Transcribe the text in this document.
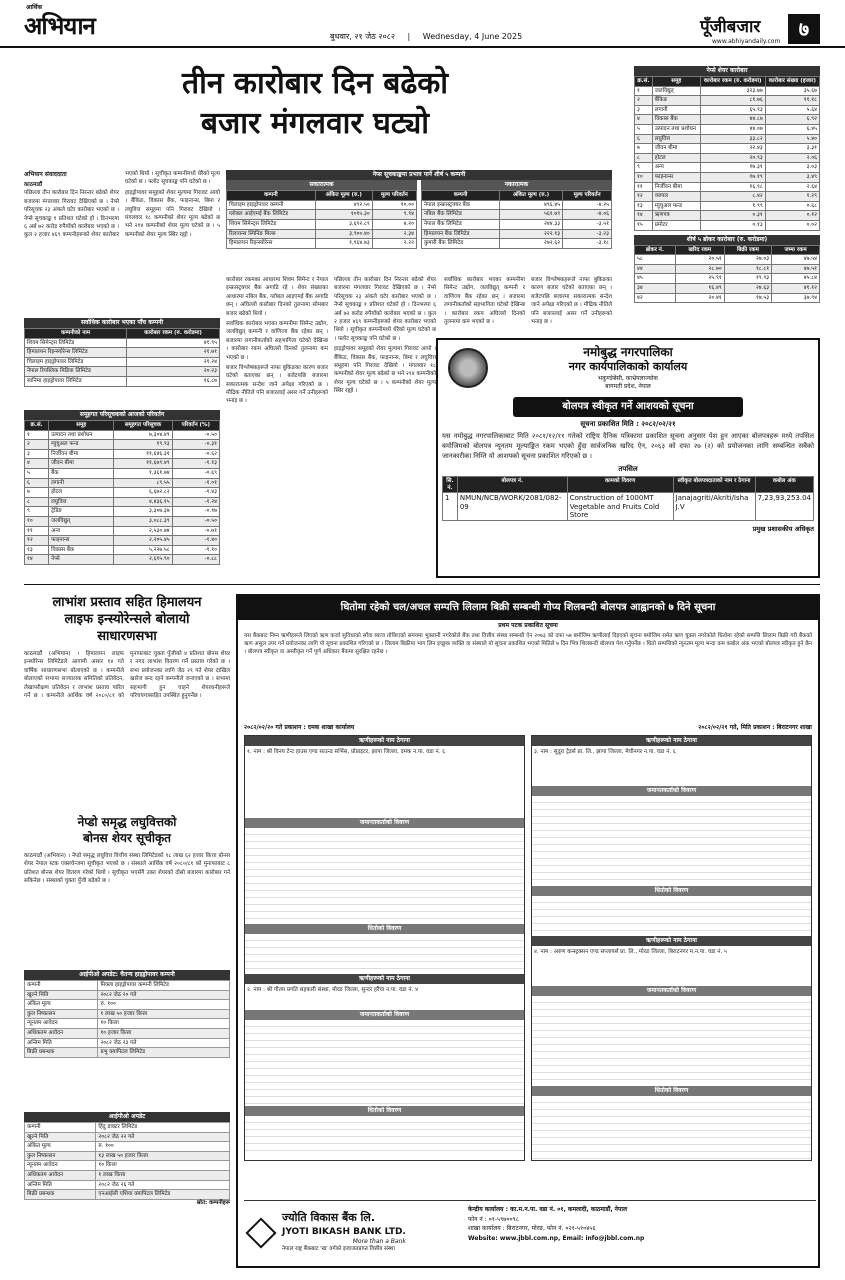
आर्थिक
अभियान	बुधवार, २१ जेठ २०८२ | Wednesday, 4 June 2025	पूँजीबजार
www.abhiyandaily.com
७
तीन कारोबार दिन बढेको
बजार मंगलवार घट्यो
नेप्से शेयर कारोबार
क्र.सं.	समूह	कारोबार रकम (रु. करोडमा)	कारोबार संख्या (हजार)
१	जलविद्युत्	३२३.७७	३५.६७
२	बैंकिङ	८१.७६	११.१८
३	लगानी	६५.९३	५.६४
४	विकास बैंक	४४.८७	६.९२
५	उत्पादन तथा प्रशोधन	४४.०७	६.४५
६	लघुवित्त	३३.८२	५.४०
७	जीवन बीमा	२२.४३	३.३१
८	होटल	२०.९३	२.०६
९	अन्य	१७.३१	३.०३
१०	फाइनान्स	१७.१९	३.४९
११	निर्जीवन बीमा	१६.९८	२.६४
१२	व्यापार	८.४२	१.२९
१३	म्युचुअल फन्ड	१.९९	०.६८
१४	ऋणपत्र	०.३१	०.१२
१५	प्रमोटर	०.१३	०.०२
शीर्ष ५ ब्रोकर कारोबार (रु. करोडमा)
ब्रोकर नं.	खरिद रकम	बिक्री रकम	जम्मा रकम
५८	२०.५१	२७.०३	४७.५४
४४	२८.७०	१८.८१	४७.५१
४५	२५.९१	१९.९३	४५.८४
३४	१६.४९	२४.६३	४१.१२
४२	२०.४१	१७.५३	३७.९४
अभियान संवाददाता
काठमाडौं

पछिल्ला तीन कारोबार दिन निरन्तर बढेको शेयर बजारमा मंगलवार गिरावट देखिएको छ । नेप्से परिसूचक २३ अंकले घटेर कारोबार भएको छ । नेप्से सूचकाङ्क १ प्रतिशत घटेको हो । दिनभरमा ६ अर्ब ७२ करोड रुपैयाँको कारोबार भएको छ । कुल २ हजार ४६९ कम्पनीहरूको शेयर कारोबार भएको थियो । सूचीकृत कम्पनीमध्ये धेरैको मूल्य घटेको छ । फ्लोट सूचकाङ्क पनि घटेको छ ।

हाइड्रोपावर समूहको शेयर मूल्यमा गिरावट आयो । बैंकिङ, विकास बैंक, फाइनान्स, बिमा र लघुवित्त समूहमा पनि गिरावट देखियो । मंगलवार १८ कम्पनीको शेयर मूल्य बढेको छ भने २१४ कम्पनीको शेयर मूल्य घटेको छ । ५ कम्पनीको शेयर मूल्य स्थिर रह्यो ।

नेप्स सूचकाङ्कमा प्रभाव पार्ने शीर्ष ५ कम्पनी
सकारात्मक
कम्पनी	अंकित मूल्य (रु.)	मूल्य परिवर्तन
चिलाइम हाइड्रोपावर कम्पनी	४९२.५०	१०.००
ग्लोबल आईएमई बैंक लिमिटेड	१०१५.३०	९.९४
शिवम सिमेन्ट्स लिमिटेड	३,६९२.८९	४.२०
रिलायन्स स्पिनिङ मिल्स	३,९००.४०	२.३४
हिमालयन रिइन्स्योरेन्स	१,१६४.७३	२.२२
नकारात्मक
कम्पनी	अंकित मूल्य (रु.)	मूल्य परिवर्तन
नेपाल इन्फ्रास्ट्रक्चर बैंक	४९६.४५	-४.२५
नबिल बैंक लिमिटेड	५६१.७९	-४.०६
नेपाल बैंक लिमिटेड	२४४.३३	-३.५१
हिमालयन बैंक लिमिटेड	२२२.१३	-३.२३
कुमारी बैंक लिमिटेड	२७२.६२	-३.१८

कारोबार रकमका आधारमा शिवम सिमेन्ट र नेपाल इन्फ्रास्ट्रक्चर बैंक अगाडि रहे । शेयर संख्याका आधारमा नबिल बैंक, ग्लोबल आइएमई बैंक अगाडि छन् । अघिल्लो कारोबार दिनको तुलनामा सोमबार बजार बढेको थियो ।

सर्वाधिक कारोबार भएका कम्पनीमा सिमेन्ट उद्योग, जलविद्युत् कम्पनी र वाणिज्य बैंक रहेका छन् । बजारमा लगानीकर्ताको सहभागिता घटेको देखिन्छ । कारोबार रकम अघिल्लो दिनको तुलनामा कम भएको छ ।

बजार विश्लेषकहरूले नाफा बुकिङका कारण बजार घटेको बताएका छन् । बजेटपछि बजारमा सकारात्मक सन्देश जाने अपेक्षा गरिएको छ । मौद्रिक नीतिले पनि बजारलाई असर गर्ने उनीहरूको भनाइ छ ।

पछिल्ला तीन कारोबार दिन निरन्तर बढेको शेयर बजारमा मंगलवार गिरावट देखिएको छ । नेप्से परिसूचक २३ अंकले घटेर कारोबार भएको छ । नेप्से सूचकाङ्क १ प्रतिशत घटेको हो । दिनभरमा ६ अर्ब ७२ करोड रुपैयाँको कारोबार भएको छ । कुल २ हजार ४६९ कम्पनीहरूको शेयर कारोबार भएको थियो । सूचीकृत कम्पनीमध्ये धेरैको मूल्य घटेको छ । फ्लोट सूचकाङ्क पनि घटेको छ ।

हाइड्रोपावर समूहको शेयर मूल्यमा गिरावट आयो । बैंकिङ, विकास बैंक, फाइनान्स, बिमा र लघुवित्त समूहमा पनि गिरावट देखियो । मंगलवार १८ कम्पनीको शेयर मूल्य बढेको छ भने २१४ कम्पनीको शेयर मूल्य घटेको छ । ५ कम्पनीको शेयर मूल्य स्थिर रह्यो ।

सर्वाधिक कारोबार भएका कम्पनीमा सिमेन्ट उद्योग, जलविद्युत् कम्पनी र वाणिज्य बैंक रहेका छन् । बजारमा लगानीकर्ताको सहभागिता घटेको देखिन्छ । कारोबार रकम अघिल्लो दिनको तुलनामा कम भएको छ ।

बजार विश्लेषकहरूले नाफा बुकिङका कारण बजार घटेको बताएका छन् । बजेटपछि बजारमा सकारात्मक सन्देश जाने अपेक्षा गरिएको छ । मौद्रिक नीतिले पनि बजारलाई असर गर्ने उनीहरूको भनाइ छ ।

सर्वाधिक कारोबार भएका पाँच कम्पनी
कम्पनीको नाम	कारोबार रकम (रु. करोडमा)
शिवम सिमेन्ट्स लिमिटेड	४१.९५
हिमालयन रिइन्स्योरेन्स लिमिटेड	२१.७१
चिलाइम हाइड्रोपावर लिमिटेड	२१.२४
नेपाल रिपब्लिक मिडिया लिमिटेड	२०.२३
सानिमा हाइड्रोपावर लिमिटेड	१६.८७
समूहगत परिसूचकको आजको परिवर्तन
क्र.सं.	समूह	समूहगत परिसूचक	परिवर्तन (%)
१	उत्पादन तथा प्रशोधन	७,३०४.४९	-०.५०
२	म्युचुअल फन्ड	१९.९३	-०.३१
३	निर्जीवन बीमा	११,६४६.३१	-०.६२
४	जीवन बीमा	११,६७९.४९	-१.१३
५	बैंक	१,३६१.७४	-०.६९
६	लगानी	८९.५५	-१.०१
७	होटल	६,६७२.८२	-१.४३
८	लघुवित्त	४,४३६.१५	-१.२४
९	ट्रेडिङ	३,३०७.३७	-०.१७
१०	जलविद्युत्	३,०८८.३९	-०.५०
११	अन्य	२,५३०.७४	-०.७१
१२	फाइनान्स	२,२०५.४५	-१.४०
१३	विकास बैंक	५,२२७.५८	-१.१०
१४	नेप्से	२,६१५.९०	-०.८८
नमोबुद्ध नगरपालिका
नगर कार्यपालिकाको कार्यालय
भकुण्डेबेंसी, काभ्रेपलाञ्चोक
बागमती प्रदेश, नेपाल
बोलपत्र स्वीकृत गर्ने आशयको सूचना
सूचना प्रकाशित मिति : २०८२/०२/२१
यस नमोबुद्ध नगरपालिकाबाट मिति २०८१/१२/११ गतेको राष्ट्रिय दैनिक पत्रिकामा प्रकाशित सूचना अनुसार पेश हुन आएका बोलपत्रहरू मध्ये तपसिल बमोजिमको बोलपत्र न्यूनतम मूल्याङ्कित रकम भएको हुँदा सार्वजनिक खरिद ऐन, २०६३ को दफा २७ (२) को प्रयोजनका लागि सम्बन्धित सबैको जानकारीका निम्ति यो आशयको सूचना प्रकाशित गरिएको छ ।
तपसिल
सि. नं.	बोलपत्र नं.	कामको विवरण	स्वीकृत बोलपत्रदाताको नाम र ठेगाना	कबोल अंक
1	NMUN/NCB/WORK/2081/082-09	Construction of 1000MT Vegetable and Fruits Cold Store	Janajagriti/Akriti/Isha J.V	7,23,93,253.04
प्रमुख प्रशासकीय अधिकृत
लाभांश प्रस्ताव सहित हिमालयन
लाइफ इन्स्योरेन्सले बोलायो
साधारणसभा

काठमाडौं (अभियान) । हिमालयन लाइफ इन्स्योरेन्स लिमिटेडले आगामी असार १४ गते वार्षिक साधारणसभा बोलाएको छ । कम्पनीले बोलाएको सभामा सञ्चालक समितिको प्रतिवेदन, लेखापरीक्षण प्रतिवेदन र लाभांश प्रस्ताव पारित गर्ने छ । कम्पनीले आर्थिक वर्ष २०८०/८१ को मुनाफाबाट चुक्ता पुँजीको ४ प्रतिशत बोनस शेयर र नगद लाभांश वितरण गर्ने प्रस्ताव गरेको छ । सभा प्रयोजनका लागि जेठ २९ गते शेयर दाखिल खारेज बन्द रहने कम्पनीले जनाएको छ । सभामा सहभागी हुन चाहने शेयरधनीहरूले परिचयपत्रसहित उपस्थित हुनुपर्नेछ ।

नेप्डो समृद्ध लघुवित्तको
बोनस शेयर सूचीकृत

काठमाडौं (अभियान) । नेप्डो समृद्ध लघुवित्त वित्तीय संस्था लिमिटेडको ९८ लाख ६२ हजार कित्ता बोनस शेयर नेपाल स्टक एक्सचेन्जमा सूचीकृत भएको छ । संस्थाले आर्थिक वर्ष २०८०/८१ को मुनाफाबाट ८ प्रतिशत बोनस शेयर वितरण गरेको थियो । सूचीकृत भएसँगै उक्त शेयरको दोस्रो बजारमा कारोबार गर्न सकिनेछ । संस्थाको चुक्ता पुँजी बढेको छ ।

आईपीओ अपडेट: चैतन्य हाइड्रोपावर कम्पनी
कम्पनी	मिक्ला हाइड्रोपावर कम्पनी लिमिटेड
खुल्ने मिति	२०८२ जेठ २० गते
अंकित मूल्य	रु. १००
कुल निष्कासन	१ लाख ५० हजार कित्ता
न्यूनतम आवेदन	१० कित्ता
अधिकतम आवेदन	१० हजार कित्ता
अन्तिम मिति	२०८२ जेठ २३ गते
बिक्री प्रबन्धक	प्रभु क्यापिटल लिमिटेड
आईपीओ अपडेट
कम्पनी	हिंदु डाक्टर लिमिटेड
खुल्ने मिति	२०८२ जेठ २२ गते
अंकित मूल्य	रु. १००
कुल निष्कासन	१३ लाख ५० हजार कित्ता
न्यूनतम आवेदन	१० कित्ता
अधिकतम आवेदन	१ लाख कित्ता
अन्तिम मिति	२०८२ जेठ २६ गते
बिक्री प्रबन्धक	एनआईसी एशिया क्यापिटल लिमिटेड
स्रोत: कम्पनीहरू
धितोमा रहेको चल/अचल सम्पत्ति लिलाम बिक्री सम्बन्धी गोप्य शिलबन्दी बोलपत्र आह्वानको ७ दिने सूचना
प्रथम पटक प्रकाशित सूचना
यस बैंकबाट निम्न ऋणीहरूले लिएको ऋण कर्जा सुविधाको साँवा ब्याज तोकिएको समयमा भुक्तानी नगरेकोले बैंक तथा वित्तीय संस्था सम्बन्धी ऐन २०७३ को दफा ५७ बमोजिम ऋणीलाई दिइएको सूचना बमोजिम समेत ऋण चुक्ता नगरेकोले धितोमा रहेको सम्पत्ति लिलाम बिक्री गरी बैंकको ऋण असुल उपर गर्ने प्रयोजनका लागि यो सूचना प्रकाशित गरिएको छ । लिलाम बिक्रीमा भाग लिन इच्छुक व्यक्ति वा संस्थाले यो सूचना प्रकाशित भएको मितिले ७ दिन भित्र शिलबन्दी बोलपत्र पेश गर्नुपर्नेछ । धितो सम्पत्तिको न्यूनतम मूल्य भन्दा कम कबोल अंक भएको बोलपत्र स्वीकृत हुने छैन । बोलपत्र स्वीकृत वा अस्वीकृत गर्ने पूर्ण अधिकार बैंकमा सुरक्षित रहनेछ ।
२०८२/०२/२० गते प्रकाशन : दमक शाखा कार्यालय	२०८२/०२/२१ गते, मिति प्रकाशन : बिराटनगर शाखा
ऋणीहरूको नाम ठेगाना
१. नाम : श्री विनय टेन्ट हाउस एण्ड साउन्ड सर्भिस, प्रोप्राइटर, झापा जिल्ला, दमक न.पा. वडा नं. ६
जमानतकर्ताको विवरण
धितोको विवरण
ऋणीहरूको नाम ठेगाना
२. नाम : श्री गौतम प्रगति सहकारी संस्था, मोरङ जिल्ला, सुन्दर हरैंचा न.पा. वडा नं. ४
जमानतकर्ताको विवरण
धितोको विवरण
ऋणीहरूको नाम ठेगाना
३. नाम : सुदुरा ट्रेडर्स प्रा. लि., झापा जिल्ला, मेचीनगर न.पा. वडा नं. ६
जमानतकर्ताको विवरण
धितोको विवरण
ऋणीहरूको नाम ठेगाना
४. नाम : अरुण कन्स्ट्रक्सन एण्ड सप्लायर्स प्रा. लि., मोरङ जिल्ला, बिराटनगर म.न.पा. वडा नं. ५
जमानतकर्ताको विवरण
धितोको विवरण
ज्योति विकास बैंक लि.
JYOTI BIKASH BANK LTD.
More than a Bank
नेपाल राष्ट्र बैंकबाट 'ख' वर्गको इजाजतप्राप्त वित्तीय संस्था
केन्द्रीय कार्यालय : का.म.न.पा. वडा नं. ०१, कमलादी, काठमाडौं, नेपाल
फोन नं : ०१-५९७००९८
शाखा कार्यालय : बिराटनगर, मोरङ, फोन नं. ०२१-५१०४५६
Website: www.jbbl.com.np, Email: info@jbbl.com.np
